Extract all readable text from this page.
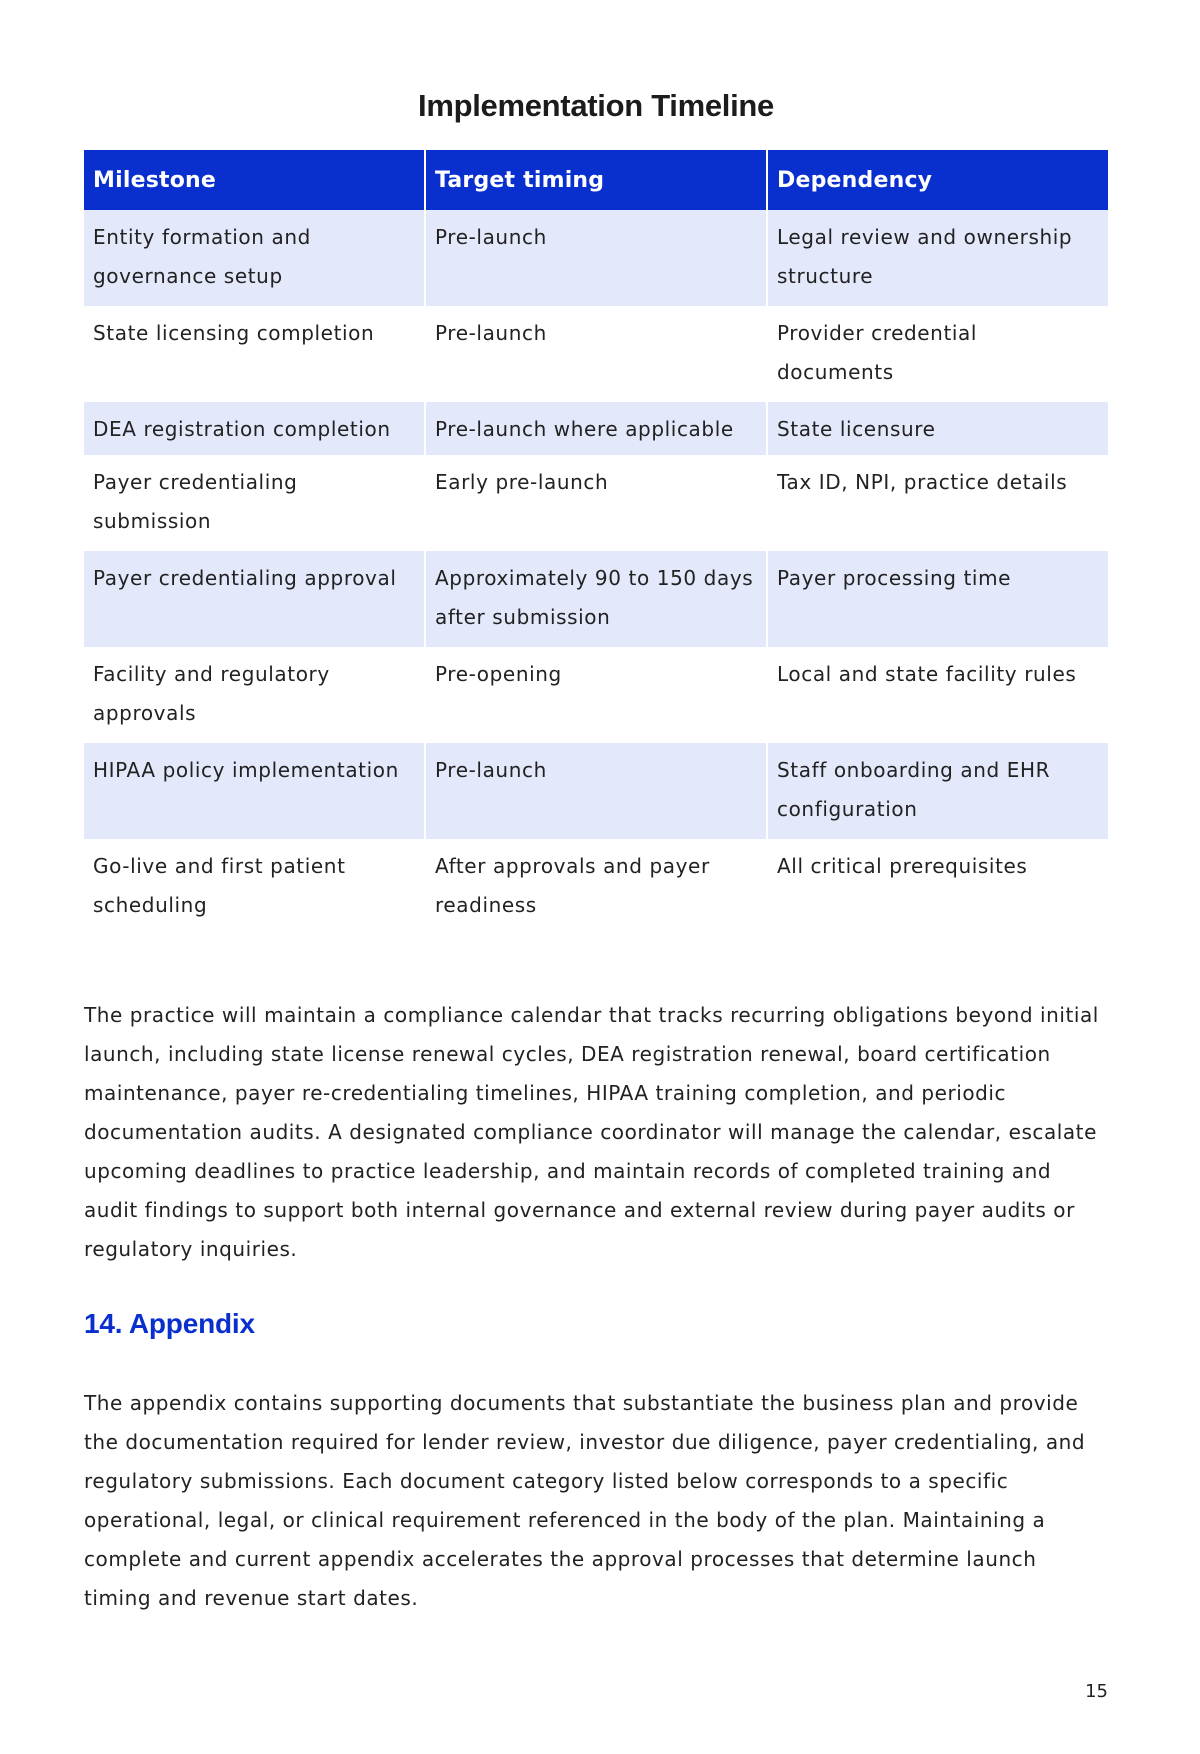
Implementation Timeline
Milestone	Target timing	Dependency
Entity formation and governance setup	Pre-launch	Legal review and ownership structure
State licensing completion	Pre-launch	Provider credential documents
DEA registration completion	Pre-launch where applicable	State licensure
Payer credentialing submission	Early pre-launch	Tax ID, NPI, practice details
Payer credentialing approval	Approximately 90 to 150 days after submission	Payer processing time
Facility and regulatory approvals	Pre-opening	Local and state facility rules
HIPAA policy implementation	Pre-launch	Staff onboarding and EHR configuration
Go-live and first patient scheduling	After approvals and payer readiness	All critical prerequisites

The practice will maintain a compliance calendar that tracks recurring obligations beyond initial launch, including state license renewal cycles, DEA registration renewal, board certification maintenance, payer re-credentialing timelines, HIPAA training completion, and periodic documentation audits. A designated compliance coordinator will manage the calendar, escalate upcoming deadlines to practice leadership, and maintain records of completed training and audit findings to support both internal governance and external review during payer audits or regulatory inquiries.

14. Appendix

The appendix contains supporting documents that substantiate the business plan and provide the documentation required for lender review, investor due diligence, payer credentialing, and regulatory submissions. Each document category listed below corresponds to a specific operational, legal, or clinical requirement referenced in the body of the plan. Maintaining a complete and current appendix accelerates the approval processes that determine launch timing and revenue start dates.

15
